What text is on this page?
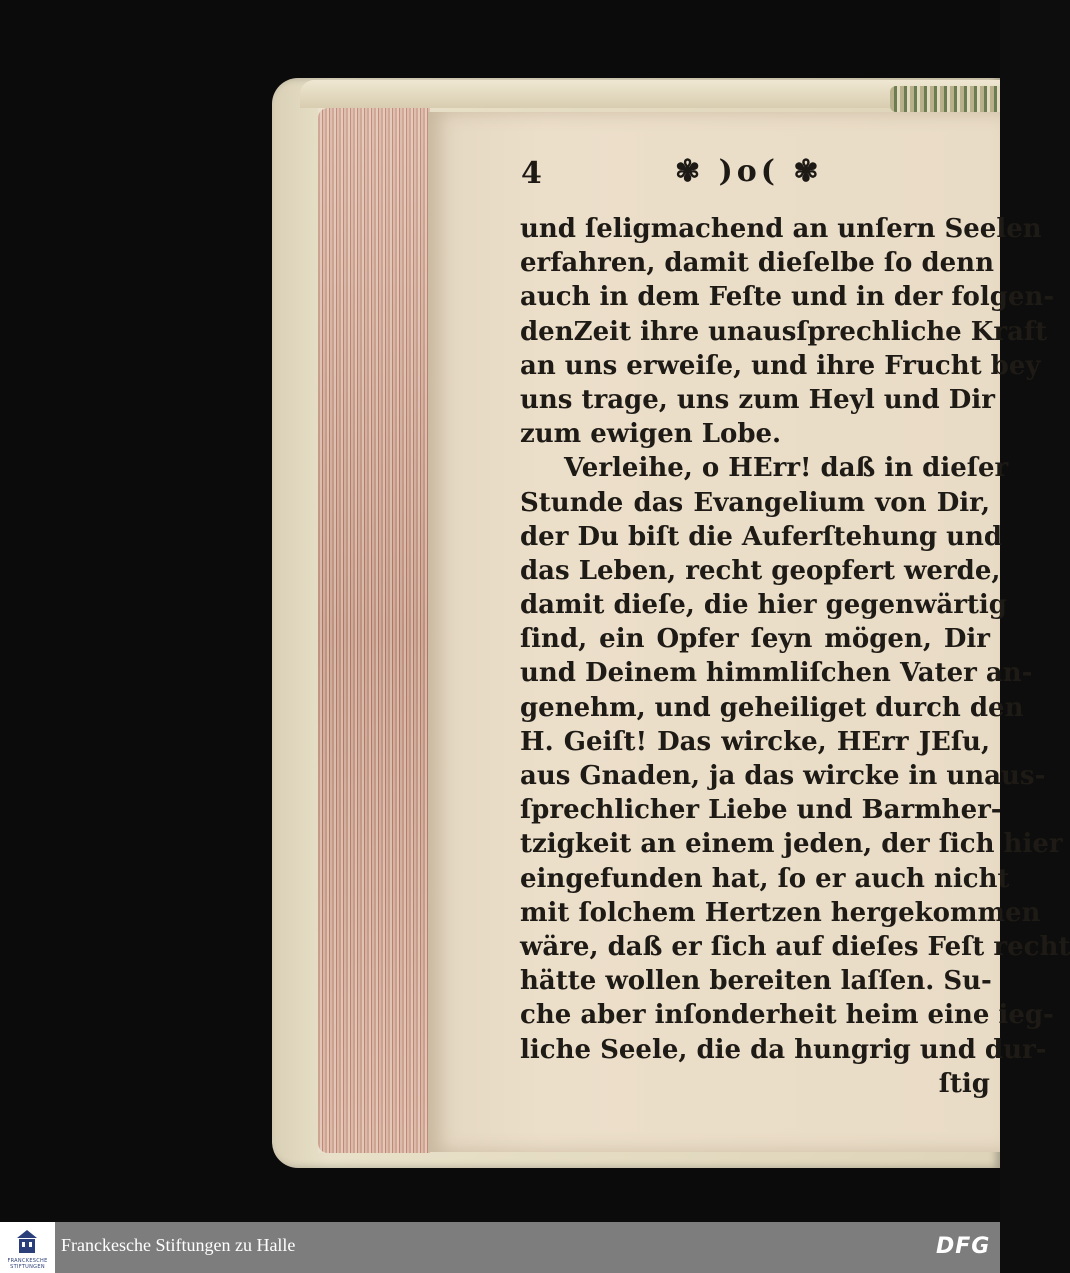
4	✾ )o( ✾
und ſeligmachend an unſern Seelen
erfahren, damit dieſelbe ſo denn
auch in dem Feſte und in der folgen-
denZeit ihre unausſprechliche Kraft
an uns erweiſe, und ihre Frucht bey
uns trage, uns zum Heyl und Dir
zum ewigen Lobe.
Verleihe, o HErr! daß in dieſer
Stunde das Evangelium von Dir,
der Du biſt die Auferſtehung und
das Leben, recht geopfert werde,
damit dieſe, die hier gegenwärtig
ſind, ein Opfer ſeyn mögen, Dir
und Deinem himmliſchen Vater an-
genehm, und geheiliget durch den
H. Geiſt! Das wircke, HErr JEſu,
aus Gnaden, ja das wircke in unaus-
ſprechlicher Liebe und Barmher-
tzigkeit an einem jeden, der ſich hier
eingefunden hat, ſo er auch nicht
mit ſolchem Hertzen hergekommen
wäre, daß er ſich auf dieſes Feſt recht
hätte wollen bereiten laſſen. Su-
che aber inſonderheit heim eine ieg-
liche Seele, die da hungrig und dur-
ſtig
FRANCKESCHE STIFTUNGEN
Franckesche Stiftungen zu Halle	DFG
